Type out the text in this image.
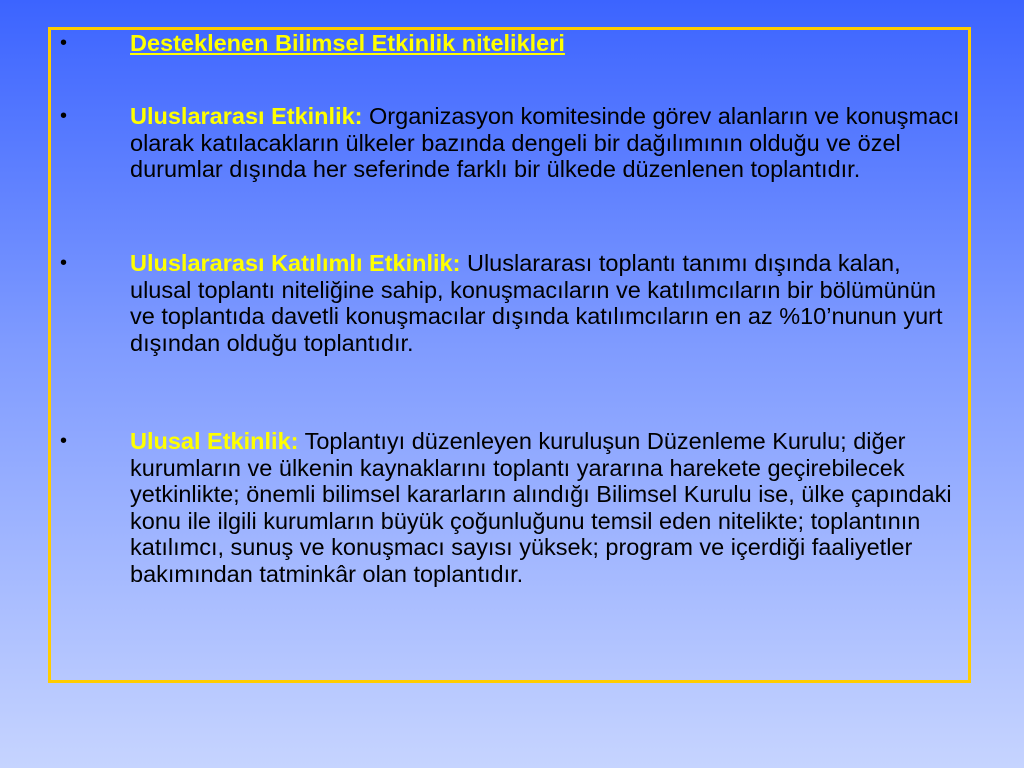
•	Desteklenen Bilimsel Etkinlik nitelikleri
•	Uluslararası Etkinlik: Organizasyon komitesinde görev alanların ve konuşmacı olarak katılacakların ülkeler bazında dengeli bir dağılımının olduğu ve özel durumlar dışında her seferinde farklı bir ülkede düzenlenen toplantıdır.
•	Uluslararası Katılımlı Etkinlik: Uluslararası toplantı tanımı dışında kalan, ulusal toplantı niteliğine sahip, konuşmacıların ve katılımcıların bir bölümünün ve toplantıda davetli konuşmacılar dışında katılımcıların en az %10’nunun yurt dışından olduğu toplantıdır.
•	Ulusal Etkinlik: Toplantıyı düzenleyen kuruluşun Düzenleme Kurulu; diğer kurumların ve ülkenin kaynaklarını toplantı yararına harekete geçirebilecek yetkinlikte; önemli bilimsel kararların alındığı Bilimsel Kurulu ise, ülke çapındaki konu ile ilgili kurumların büyük çoğunluğunu temsil eden nitelikte; toplantının katılımcı, sunuş ve konuşmacı sayısı yüksek; program ve içerdiği faaliyetler bakımından tatminkâr olan toplantıdır.
